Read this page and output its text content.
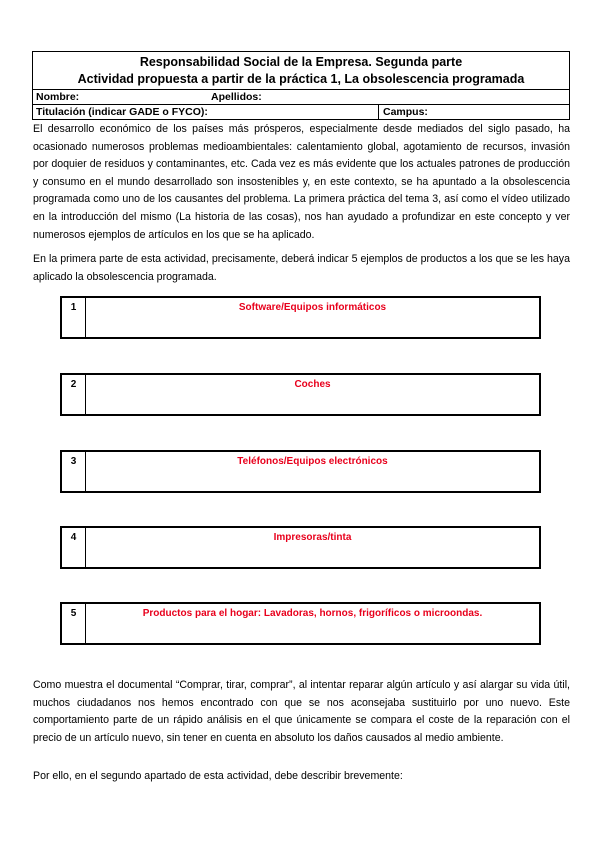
Responsabilidad Social de la Empresa. Segunda parte
Actividad propuesta a partir de la práctica 1, La obsolescencia programada
Nombre:	Apellidos:
Titulación (indicar GADE o FYCO):	Campus:
El desarrollo económico de los países más prósperos, especialmente desde mediados del siglo pasado, ha ocasionado numerosos problemas medioambientales: calentamiento global, agotamiento de recursos, invasión por doquier de residuos y contaminantes, etc. Cada vez es más evidente que los actuales patrones de producción y consumo en el mundo desarrollado son insostenibles y, en este contexto, se ha apuntado a la obsolescencia programada como uno de los causantes del problema. La primera práctica del tema 3, así como el vídeo utilizado en la introducción del mismo (La historia de las cosas), nos han ayudado a profundizar en este concepto y ver numerosos ejemplos de artículos en los que se ha aplicado.
En la primera parte de esta actividad, precisamente, deberá indicar 5 ejemplos de productos a los que se les haya aplicado la obsolescencia programada.
1	Software/Equipos informáticos
2	Coches
3	Teléfonos/Equipos electrónicos
4	Impresoras/tinta
5	Productos para el hogar: Lavadoras, hornos, frigoríficos o microondas.
Como muestra el documental “Comprar, tirar, comprar”, al intentar reparar algún artículo y así alargar su vida útil, muchos ciudadanos nos hemos encontrado con que se nos aconsejaba sustituirlo por uno nuevo. Este comportamiento parte de un rápido análisis en el que únicamente se compara el coste de la reparación con el precio de un artículo nuevo, sin tener en cuenta en absoluto los daños causados al medio ambiente.
Por ello, en el segundo apartado de esta actividad, debe describir brevemente:
